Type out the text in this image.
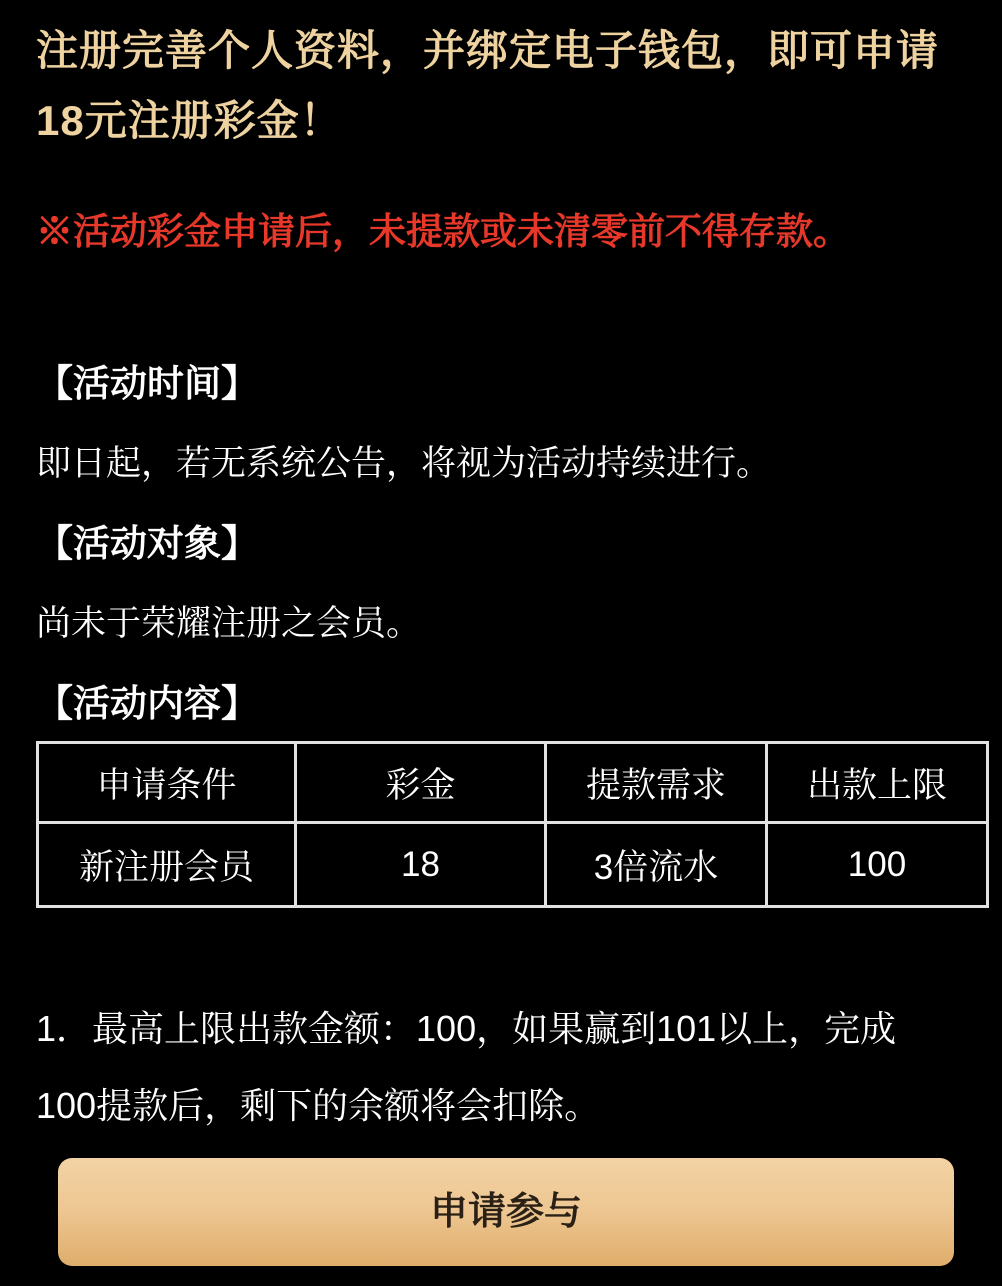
注册完善个人资料，并绑定电子钱包，即可申请
18元注册彩金！

※活动彩金申请后，未提款或未清零前不得存款。

【活动时间】

即日起，若无系统公告，将视为活动持续进行。

【活动对象】

尚未于荣耀注册之会员。

【活动内容】
申请条件	彩金	提款需求	出款上限
新注册会员	18	3倍流水	100

1．最高上限出款金额：100，如果赢到101以上，完成
100提款后，剩下的余额将会扣除。

申请参与
